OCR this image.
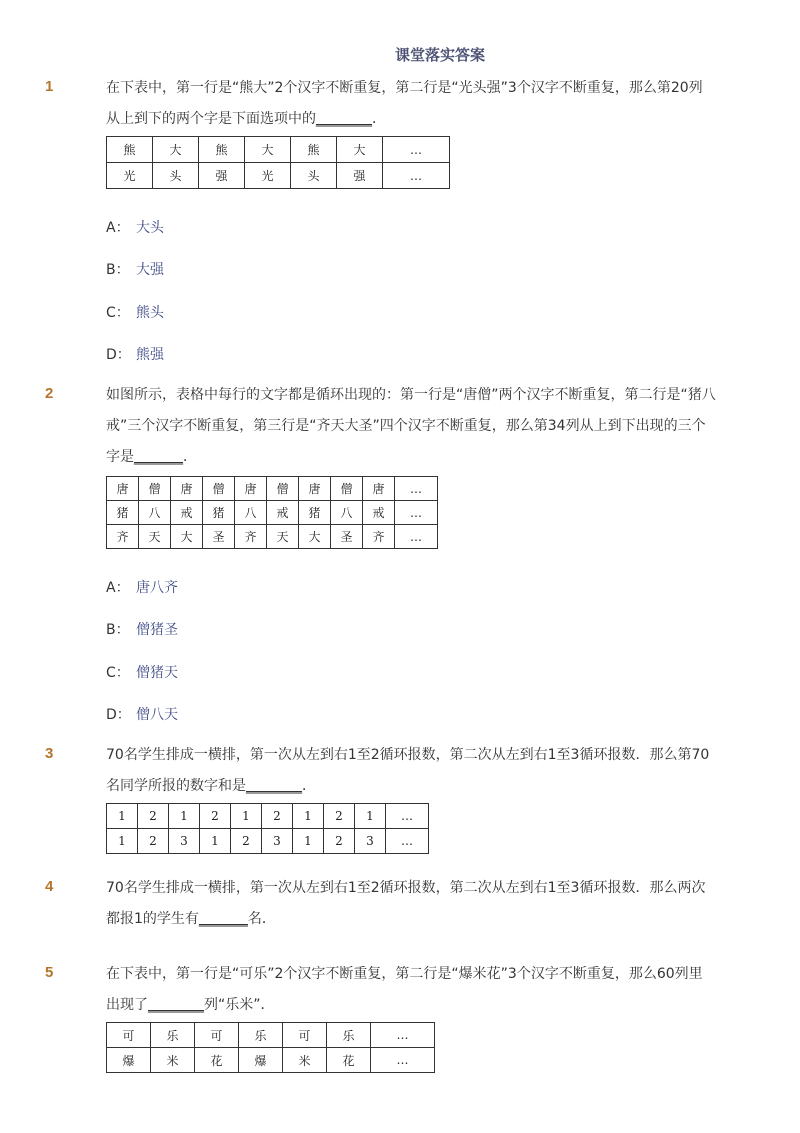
课堂落实答案
1	在下表中，第一行是“熊大”2个汉字不断重复，第二行是“光头强”3个汉字不断重复，那么第20列从上到下的两个字是下面选项中的________．
熊	大	熊	大	熊	大	…
光	头	强	光	头	强	…
A： 大头
B： 大强
C： 熊头
D： 熊强
2	如图所示，表格中每行的文字都是循环出现的：第一行是“唐僧”两个汉字不断重复，第二行是“猪八戒”三个汉字不断重复，第三行是“齐天大圣”四个汉字不断重复，那么第34列从上到下出现的三个字是_______．
唐	僧	唐	僧	唐	僧	唐	僧	唐	…
猪	八	戒	猪	八	戒	猪	八	戒	…
齐	天	大	圣	齐	天	大	圣	齐	…
A： 唐八齐
B： 僧猪圣
C： 僧猪天
D： 僧八天
3	70名学生排成一横排，第一次从左到右1至2循环报数，第二次从左到右1至3循环报数．那么第70名同学所报的数字和是________．
1	2	1	2	1	2	1	2	1	…
1	2	3	1	2	3	1	2	3	…
4	70名学生排成一横排，第一次从左到右1至2循环报数，第二次从左到右1至3循环报数．那么两次都报1的学生有_______名．
5	在下表中，第一行是“可乐”2个汉字不断重复，第二行是“爆米花”3个汉字不断重复，那么60列里出现了________列“乐米”．
可	乐	可	乐	可	乐	…
爆	米	花	爆	米	花	…
